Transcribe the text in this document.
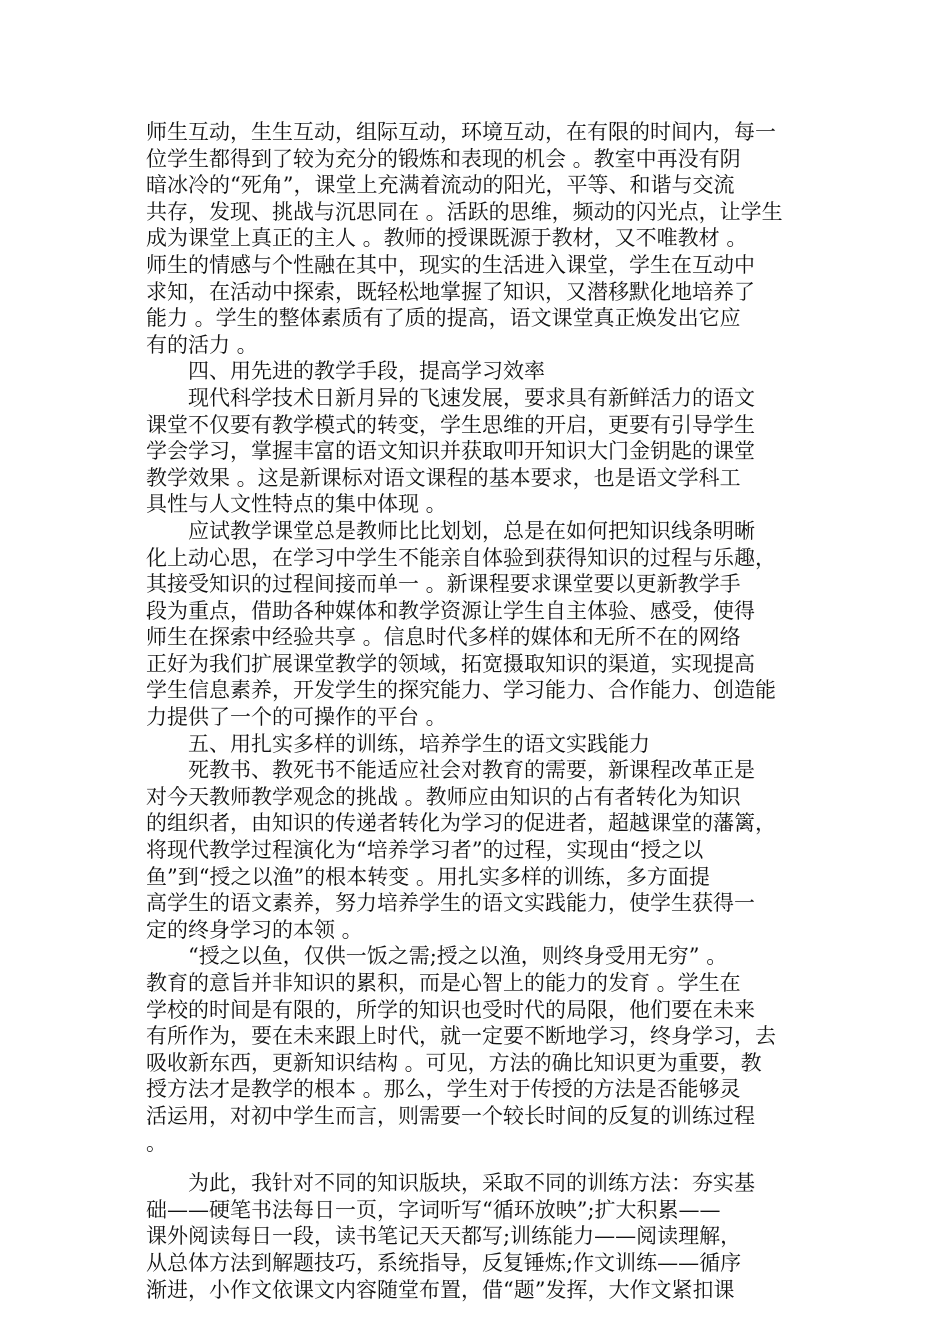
师生互动，生生互动，组际互动，环境互动，在有限的时间内，每一
位学生都得到了较为充分的锻炼和表现的机会 。教室中再没有阴
暗冰冷的“死角”，课堂上充满着流动的阳光，平等、和谐与交流
共存，发现、挑战与沉思同在 。活跃的思维，频动的闪光点，让学生
成为课堂上真正的主人 。教师的授课既源于教材，又不唯教材 。
师生的情感与个性融在其中，现实的生活进入课堂，学生在互动中
求知，在活动中探索，既轻松地掌握了知识，又潜移默化地培养了
能力 。学生的整体素质有了质的提高，语文课堂真正焕发出它应
有的活力 。
四、用先进的教学手段，提高学习效率
现代科学技术日新月异的飞速发展，要求具有新鲜活力的语文
课堂不仅要有教学模式的转变，学生思维的开启，更要有引导学生
学会学习，掌握丰富的语文知识并获取叩开知识大门金钥匙的课堂
教学效果 。这是新课标对语文课程的基本要求，也是语文学科工
具性与人文性特点的集中体现 。
应试教学课堂总是教师比比划划，总是在如何把知识线条明晰
化上动心思，在学习中学生不能亲自体验到获得知识的过程与乐趣，
其接受知识的过程间接而单一 。新课程要求课堂要以更新教学手
段为重点，借助各种媒体和教学资源让学生自主体验、感受，使得
师生在探索中经验共享 。信息时代多样的媒体和无所不在的网络
正好为我们扩展课堂教学的领域，拓宽摄取知识的渠道，实现提高
学生信息素养，开发学生的探究能力、学习能力、合作能力、创造能
力提供了一个的可操作的平台 。
五、用扎实多样的训练，培养学生的语文实践能力
死教书、教死书不能适应社会对教育的需要，新课程改革正是
对今天教师教学观念的挑战 。教师应由知识的占有者转化为知识
的组织者，由知识的传递者转化为学习的促进者，超越课堂的藩篱，
将现代教学过程演化为“培养学习者”的过程，实现由“授之以
鱼”到“授之以渔”的根本转变 。用扎实多样的训练，多方面提
高学生的语文素养，努力培养学生的语文实践能力，使学生获得一
定的终身学习的本领 。
“授之以鱼，仅供一饭之需;授之以渔，则终身受用无穷” 。
教育的意旨并非知识的累积，而是心智上的能力的发育 。学生在
学校的时间是有限的，所学的知识也受时代的局限，他们要在未来
有所作为，要在未来跟上时代，就一定要不断地学习，终身学习，去
吸收新东西，更新知识结构 。可见，方法的确比知识更为重要，教
授方法才是教学的根本 。那么，学生对于传授的方法是否能够灵
活运用，对初中学生而言，则需要一个较长时间的反复的训练过程
。
为此，我针对不同的知识版块，采取不同的训练方法：夯实基
础——硬笔书法每日一页，字词听写“循环放映”;扩大积累——
课外阅读每日一段，读书笔记天天都写;训练能力——阅读理解，
从总体方法到解题技巧，系统指导，反复锤炼;作文训练——循序
渐进，小作文依课文内容随堂布置，借“题”发挥，大作文紧扣课
